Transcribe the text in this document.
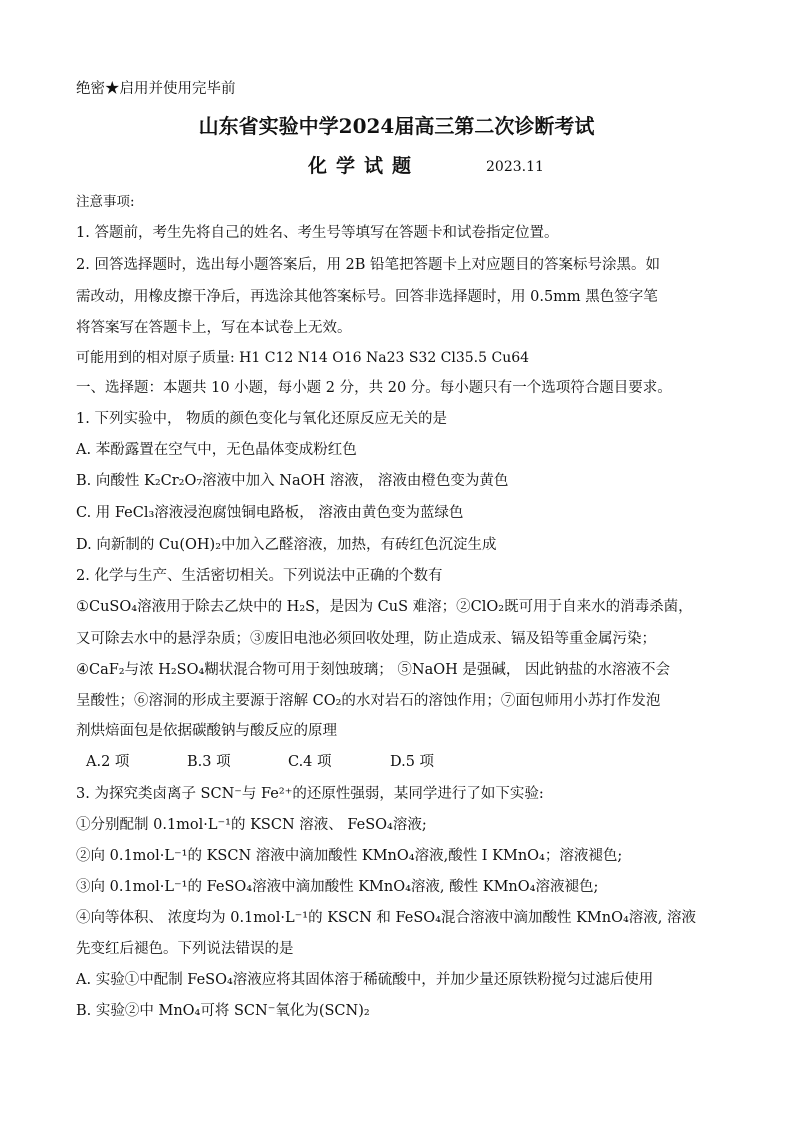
绝密★启用并使用完毕前
山东省实验中学2024届高三第二次诊断考试
化学试题	2023.11
注意事项:
1. 答题前，考生先将自己的姓名、考生号等填写在答题卡和试卷指定位置。
2. 回答选择题时，选出每小题答案后，用 2B 铅笔把答题卡上对应题目的答案标号涂黑。如
需改动，用橡皮擦干净后，再选涂其他答案标号。回答非选择题时，用 0.5mm 黑色签字笔
将答案写在答题卡上，写在本试卷上无效。
可能用到的相对原子质量: H1 C12 N14 O16 Na23 S32 Cl35.5 Cu64
一、选择题：本题共 10 小题，每小题 2 分，共 20 分。每小题只有一个选项符合题目要求。
1. 下列实验中， 物质的颜色变化与氧化还原反应无关的是
A. 苯酚露置在空气中，无色晶体变成粉红色
B. 向酸性 K₂Cr₂O₇溶液中加入 NaOH 溶液， 溶液由橙色变为黄色
C. 用 FeCl₃溶液浸泡腐蚀铜电路板， 溶液由黄色变为蓝绿色
D. 向新制的 Cu(OH)₂中加入乙醛溶液，加热，有砖红色沉淀生成
2. 化学与生产、生活密切相关。下列说法中正确的个数有
①CuSO₄溶液用于除去乙炔中的 H₂S，是因为 CuS 难溶；②ClO₂既可用于自来水的消毒杀菌，
又可除去水中的悬浮杂质；③废旧电池必须回收处理，防止造成汞、镉及铅等重金属污染；
④CaF₂与浓 H₂SO₄糊状混合物可用于刻蚀玻璃； ⑤NaOH 是强碱， 因此钠盐的水溶液不会
呈酸性；⑥溶洞的形成主要源于溶解 CO₂的水对岩石的溶蚀作用；⑦面包师用小苏打作发泡
剂烘焙面包是依据碳酸钠与酸反应的原理
A.2 项	B.3 项	C.4 项	D.5 项
3. 为探究类卤离子 SCN⁻与 Fe²⁺的还原性强弱，某同学进行了如下实验:
①分别配制 0.1mol·L⁻¹的 KSCN 溶液、 FeSO₄溶液;
②向 0.1mol·L⁻¹的 KSCN 溶液中滴加酸性 KMnO₄溶液,酸性 I KMnO₄；溶液褪色;
③向 0.1mol·L⁻¹的 FeSO₄溶液中滴加酸性 KMnO₄溶液, 酸性 KMnO₄溶液褪色;
④向等体积、 浓度均为 0.1mol·L⁻¹的 KSCN 和 FeSO₄混合溶液中滴加酸性 KMnO₄溶液, 溶液
先变红后褪色。下列说法错误的是
A. 实验①中配制 FeSO₄溶液应将其固体溶于稀硫酸中，并加少量还原铁粉搅匀过滤后使用
B. 实验②中 MnO₄可将 SCN⁻氧化为(SCN)₂
